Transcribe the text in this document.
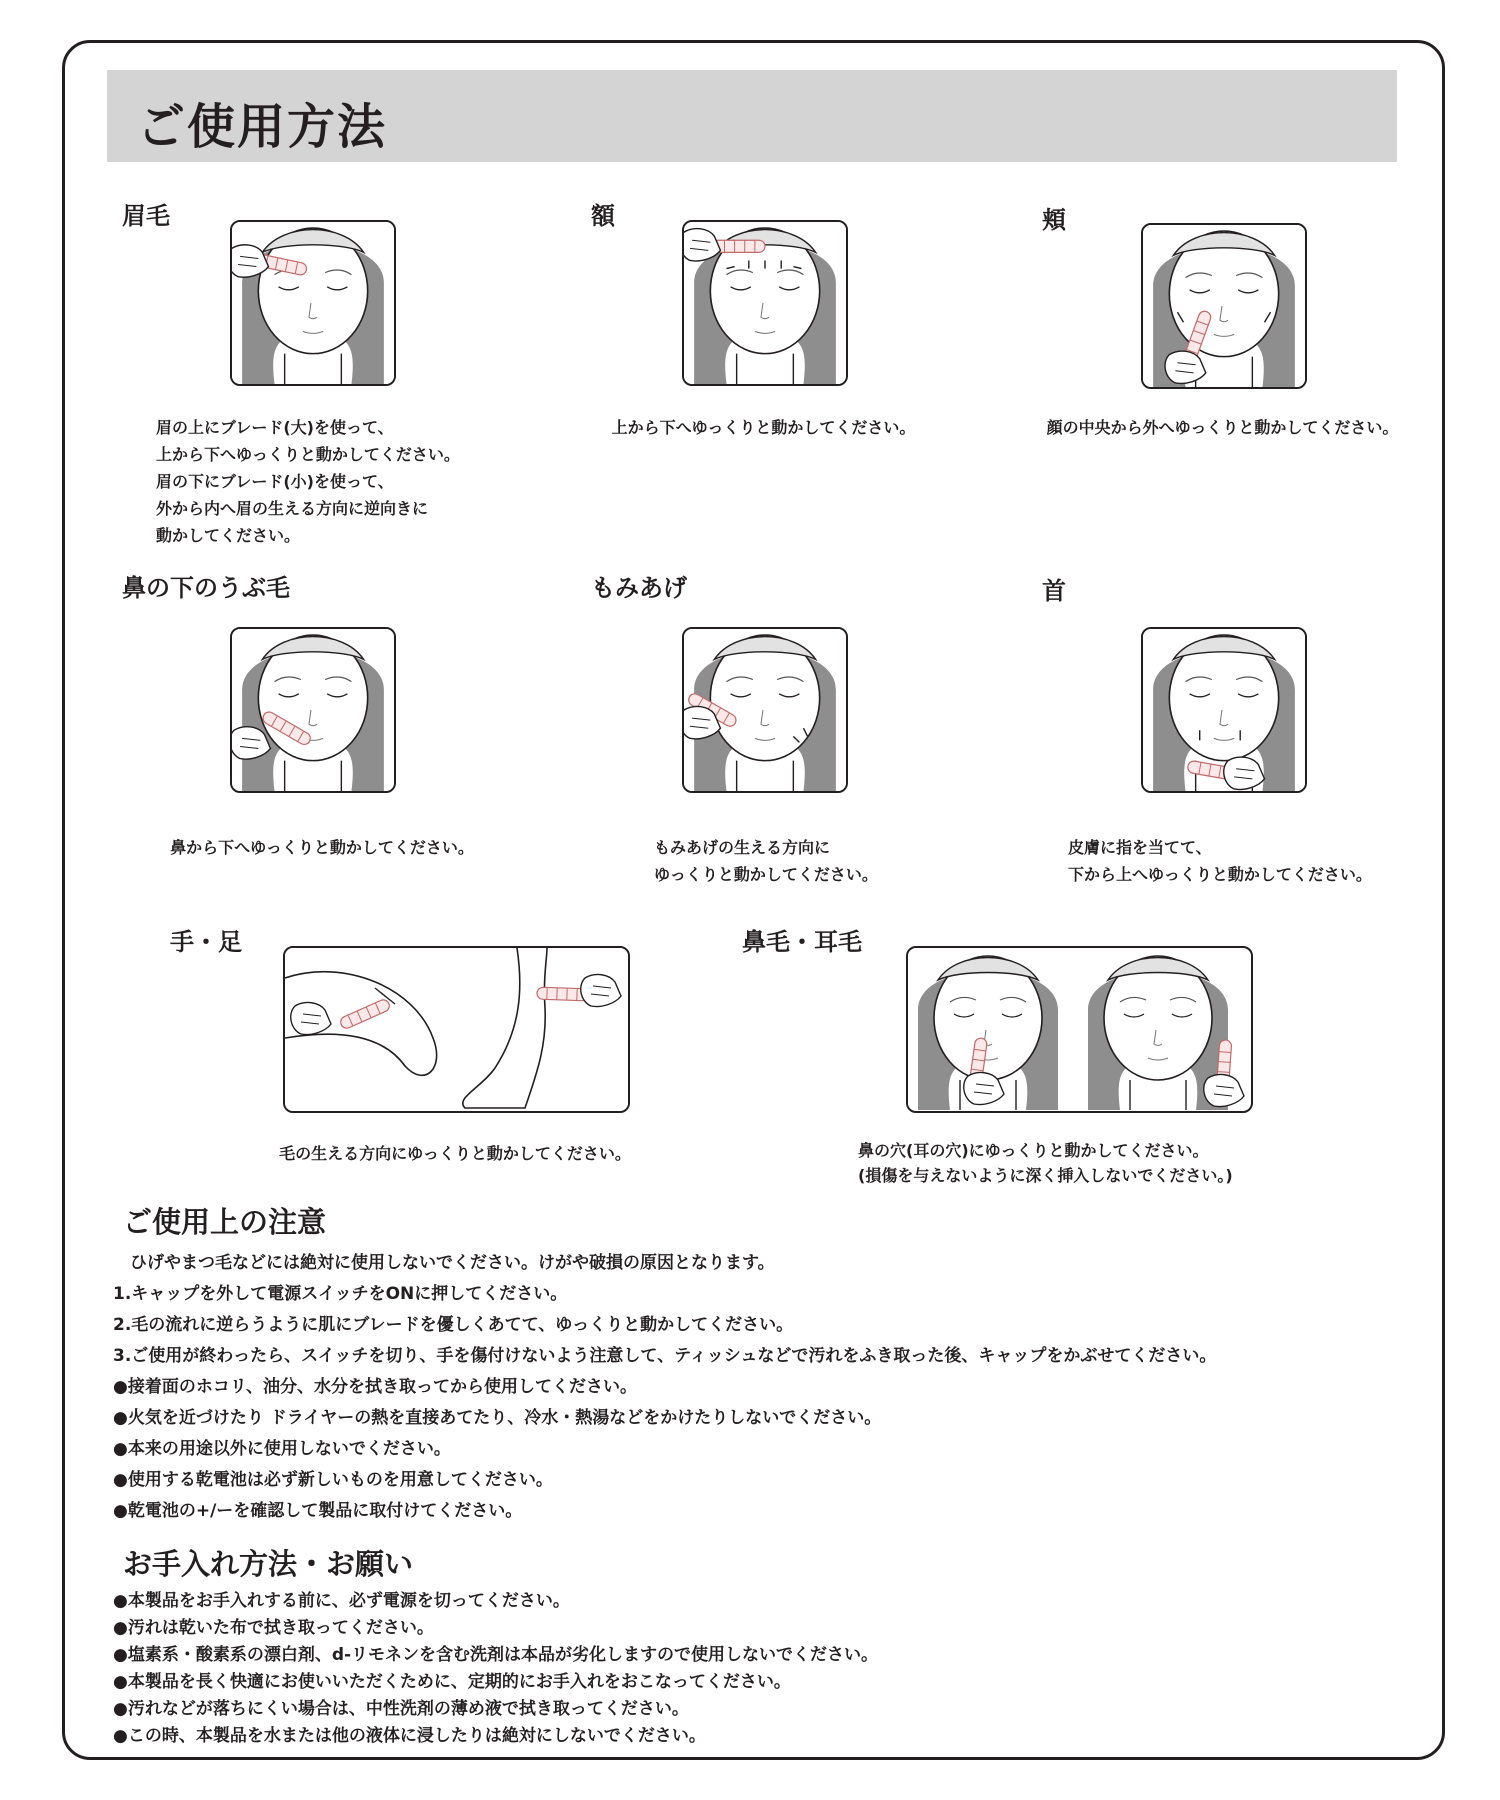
ご使用方法
眉毛
眉の上にブレード(大)を使って、
上から下へゆっくりと動かしてください。
眉の下にブレード(小)を使って、
外から内へ眉の生える方向に逆向きに
動かしてください。
額
上から下へゆっくりと動かしてください。
頬
顔の中央から外へゆっくりと動かしてください。
鼻の下のうぶ毛
鼻から下へゆっくりと動かしてください。
もみあげ
もみあげの生える方向に
ゆっくりと動かしてください。
首
皮膚に指を当てて、
下から上へゆっくりと動かしてください。
手・足
毛の生える方向にゆっくりと動かしてください。
鼻毛・耳毛
鼻の穴(耳の穴)にゆっくりと動かしてください。
(損傷を与えないように深く挿入しないでください。)
ご使用上の注意
　ひげやまつ毛などには絶対に使用しないでください。けがや破損の原因となります。
1.キャップを外して電源スイッチをONに押してください。
2.毛の流れに逆らうように肌にブレードを優しくあてて、ゆっくりと動かしてください。
3.ご使用が終わったら、スイッチを切り、手を傷付けないよう注意して、ティッシュなどで汚れをふき取った後、キャップをかぶせてください。
●接着面のホコリ、油分、水分を拭き取ってから使用してください。
●火気を近づけたり ドライヤーの熱を直接あてたり、冷水・熱湯などをかけたりしないでください。
●本来の用途以外に使用しないでください。
●使用する乾電池は必ず新しいものを用意してください。
●乾電池の+/ーを確認して製品に取付けてください。
お手入れ方法・お願い
●本製品をお手入れする前に、必ず電源を切ってください。
●汚れは乾いた布で拭き取ってください。
●塩素系・酸素系の漂白剤、d-リモネンを含む洗剤は本品が劣化しますので使用しないでください。
●本製品を長く快適にお使いいただくために、定期的にお手入れをおこなってください。
●汚れなどが落ちにくい場合は、中性洗剤の薄め液で拭き取ってください。
●この時、本製品を水または他の液体に浸したりは絶対にしないでください。
